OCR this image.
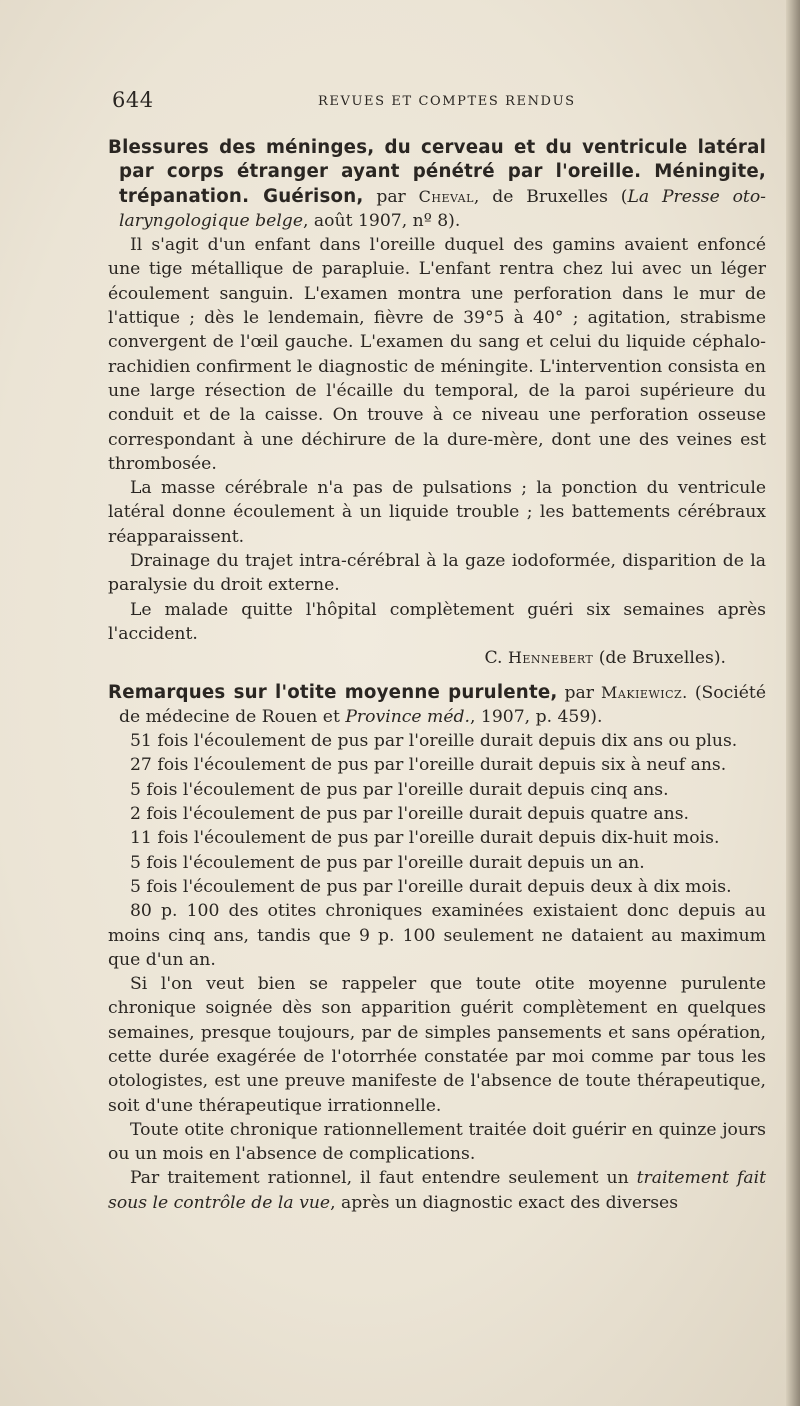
644	REVUES ET COMPTES RENDUS

Blessures des méninges, du cerveau et du ventricule latéral par corps étranger ayant pénétré par l'oreille. Méningite, trépanation. Guérison, par Cheval, de Bruxelles (La Presse oto-laryngologique belge, août 1907, nº 8).

Il s'agit d'un enfant dans l'oreille duquel des gamins avaient enfoncé une tige métallique de parapluie. L'enfant rentra chez lui avec un léger écoulement sanguin. L'examen montra une perforation dans le mur de l'attique ; dès le lendemain, fièvre de 39°5 à 40° ; agitation, strabisme convergent de l'œil gauche. L'examen du sang et celui du liquide céphalo-rachidien confirment le diagnostic de méningite. L'intervention consista en une large résection de l'écaille du temporal, de la paroi supérieure du conduit et de la caisse. On trouve à ce niveau une perforation osseuse correspondant à une déchirure de la dure-mère, dont une des veines est thrombosée.

La masse cérébrale n'a pas de pulsations ; la ponction du ventricule latéral donne écoulement à un liquide trouble ; les battements cérébraux réapparaissent.

Drainage du trajet intra-cérébral à la gaze iodoformée, disparition de la paralysie du droit externe.

Le malade quitte l'hôpital complètement guéri six semaines après l'accident.

C. Hennebert (de Bruxelles).

Remarques sur l'otite moyenne purulente, par Makiewicz. (Société de médecine de Rouen et Province méd., 1907, p. 459).

51 fois l'écoulement de pus par l'oreille durait depuis dix ans ou plus.

27 fois l'écoulement de pus par l'oreille durait depuis six à neuf ans.

5 fois l'écoulement de pus par l'oreille durait depuis cinq ans.

2 fois l'écoulement de pus par l'oreille durait depuis quatre ans.

11 fois l'écoulement de pus par l'oreille durait depuis dix-huit mois.

5 fois l'écoulement de pus par l'oreille durait depuis un an.

5 fois l'écoulement de pus par l'oreille durait depuis deux à dix mois.

80 p. 100 des otites chroniques examinées existaient donc depuis au moins cinq ans, tandis que 9 p. 100 seulement ne dataient au maximum que d'un an.

Si l'on veut bien se rappeler que toute otite moyenne purulente chronique soignée dès son apparition guérit complètement en quelques semaines, presque toujours, par de simples pansements et sans opération, cette durée exagérée de l'otorrhée constatée par moi comme par tous les otologistes, est une preuve manifeste de l'absence de toute thérapeutique, soit d'une thérapeutique irrationnelle.

Toute otite chronique rationnellement traitée doit guérir en quinze jours ou un mois en l'absence de complications.

Par traitement rationnel, il faut entendre seulement un traitement fait sous le contrôle de la vue, après un diagnostic exact des diverses
